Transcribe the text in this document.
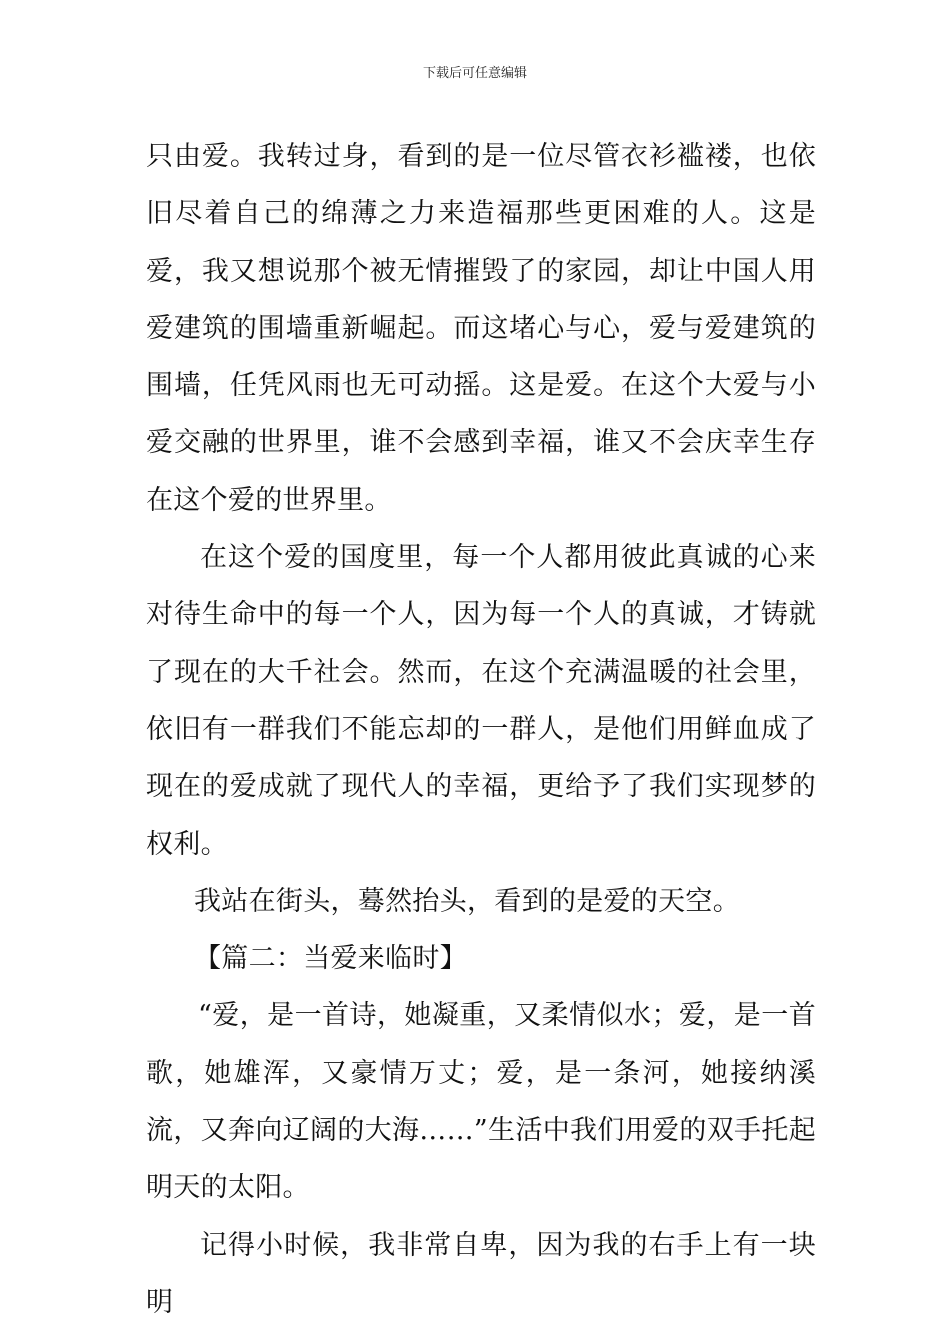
下载后可任意编辑

只由爱。我转过身，看到的是一位尽管衣衫褴褛，也依旧尽着自己的绵薄之力来造福那些更困难的人。这是爱，我又想说那个被无情摧毁了的家园，却让中国人用爱建筑的围墙重新崛起。而这堵心与心，爱与爱建筑的围墙，任凭风雨也无可动摇。这是爱。在这个大爱与小爱交融的世界里，谁不会感到幸福，谁又不会庆幸生存在这个爱的世界里。

在这个爱的国度里，每一个人都用彼此真诚的心来对待生命中的每一个人，因为每一个人的真诚，才铸就了现在的大千社会。然而，在这个充满温暖的社会里，依旧有一群我们不能忘却的一群人，是他们用鲜血成了现在的爱成就了现代人的幸福，更给予了我们实现梦的权利。

我站在街头，蓦然抬头，看到的是爱的天空。

【篇二：当爱来临时】

“爱，是一首诗，她凝重，又柔情似水；爱，是一首歌，她雄浑，又豪情万丈；爱，是一条河，她接纳溪流，又奔向辽阔的大海……”生活中我们用爱的双手托起明天的太阳。

记得小时候，我非常自卑，因为我的右手上有一块明
